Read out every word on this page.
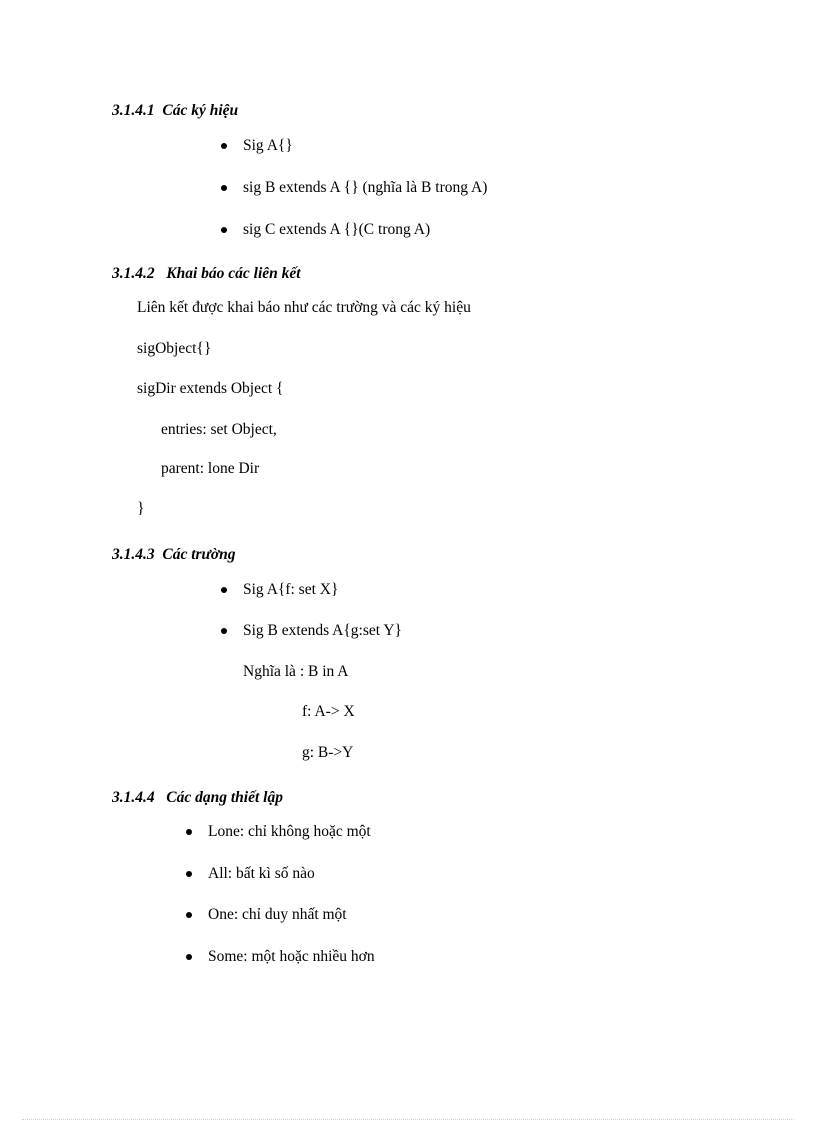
3.1.4.1 Các ký hiệu
Sig A{}
sig B extends A {} (nghĩa là B trong A)
sig C extends A {}(C trong A)
3.1.4.2 Khai báo các liên kết
Liên kết được khai báo như các trường và các ký hiệu
sigObject{}
sigDir extends Object {
entries: set Object,
parent: lone Dir
}
3.1.4.3 Các trường
Sig A{f: set X}
Sig B extends A{g:set Y}
Nghĩa là : B in A
f: A-> X
g: B->Y
3.1.4.4 Các dạng thiết lập
Lone: chỉ không hoặc một
All: bất kì số nào
One: chỉ duy nhất một
Some: một hoặc nhiều hơn
